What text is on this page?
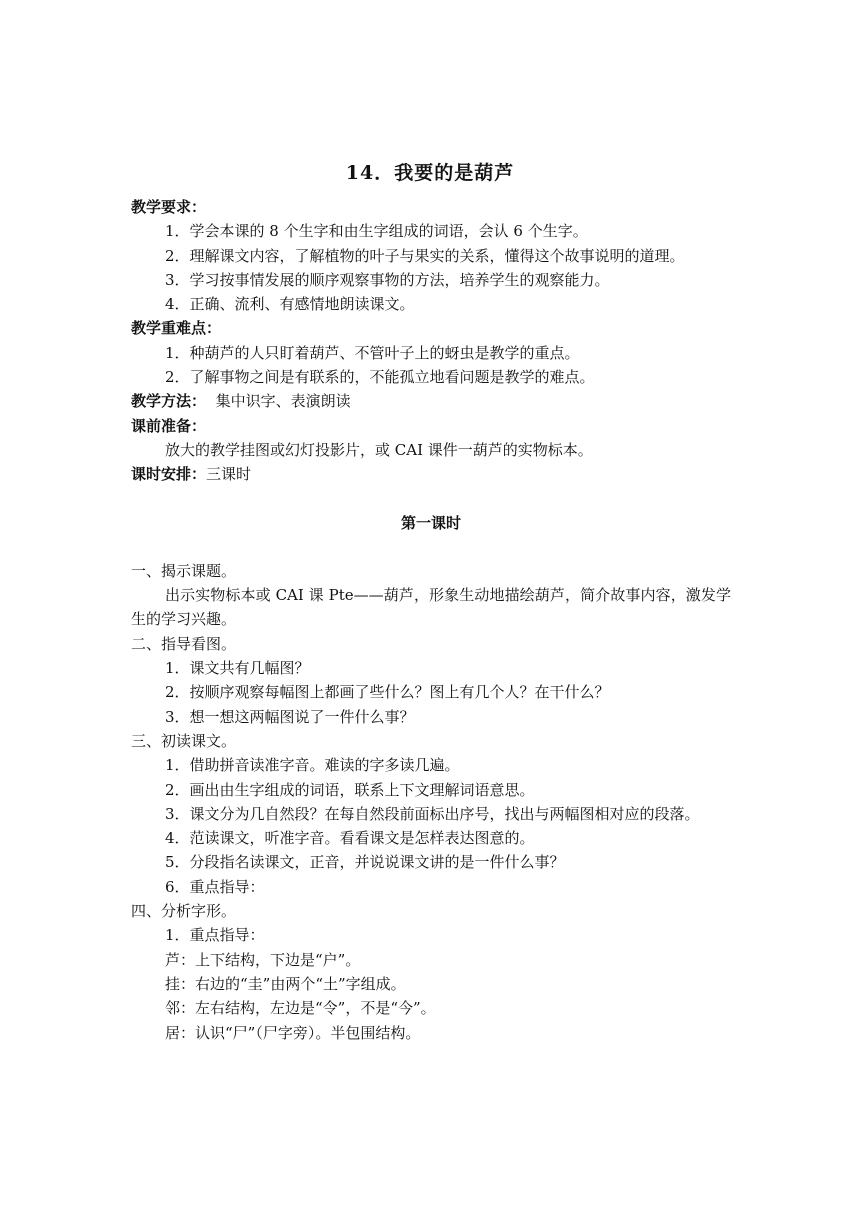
14．我要的是葫芦

教学要求：

1．学会本课的 8 个生字和由生字组成的词语，会认 6 个生字。

2．理解课文内容，了解植物的叶子与果实的关系，懂得这个故事说明的道理。

3．学习按事情发展的顺序观察事物的方法，培养学生的观察能力。

4．正确、流利、有感情地朗读课文。

教学重难点：

1．种葫芦的人只盯着葫芦、不管叶子上的蚜虫是教学的重点。

2．了解事物之间是有联系的，不能孤立地看问题是教学的难点。

教学方法： 集中识字、表演朗读

课前准备：

放大的教学挂图或幻灯投影片，或 CAI 课件一葫芦的实物标本。

课时安排：三课时

第一课时

一、揭示课题。

出示实物标本或 CAI 课 Pte——葫芦，形象生动地描绘葫芦，简介故事内容，激发学生的学习兴趣。

二、指导看图。

1．课文共有几幅图？

2．按顺序观察每幅图上都画了些什么？图上有几个人？在干什么？

3．想一想这两幅图说了一件什么事？

三、初读课文。

1．借助拼音读准字音。难读的字多读几遍。

2．画出由生字组成的词语，联系上下文理解词语意思。

3．课文分为几自然段？在每自然段前面标出序号，找出与两幅图相对应的段落。

4．范读课文，听准字音。看看课文是怎样表达图意的。

5．分段指名读课文，正音，并说说课文讲的是一件什么事？

6．重点指导：

四、分析字形。

1．重点指导：

芦：上下结构，下边是“户”。

挂：右边的“圭”由两个“土”字组成。

邻：左右结构，左边是“令”，不是“今”。

居：认识“尸”（尸字旁）。半包围结构。
